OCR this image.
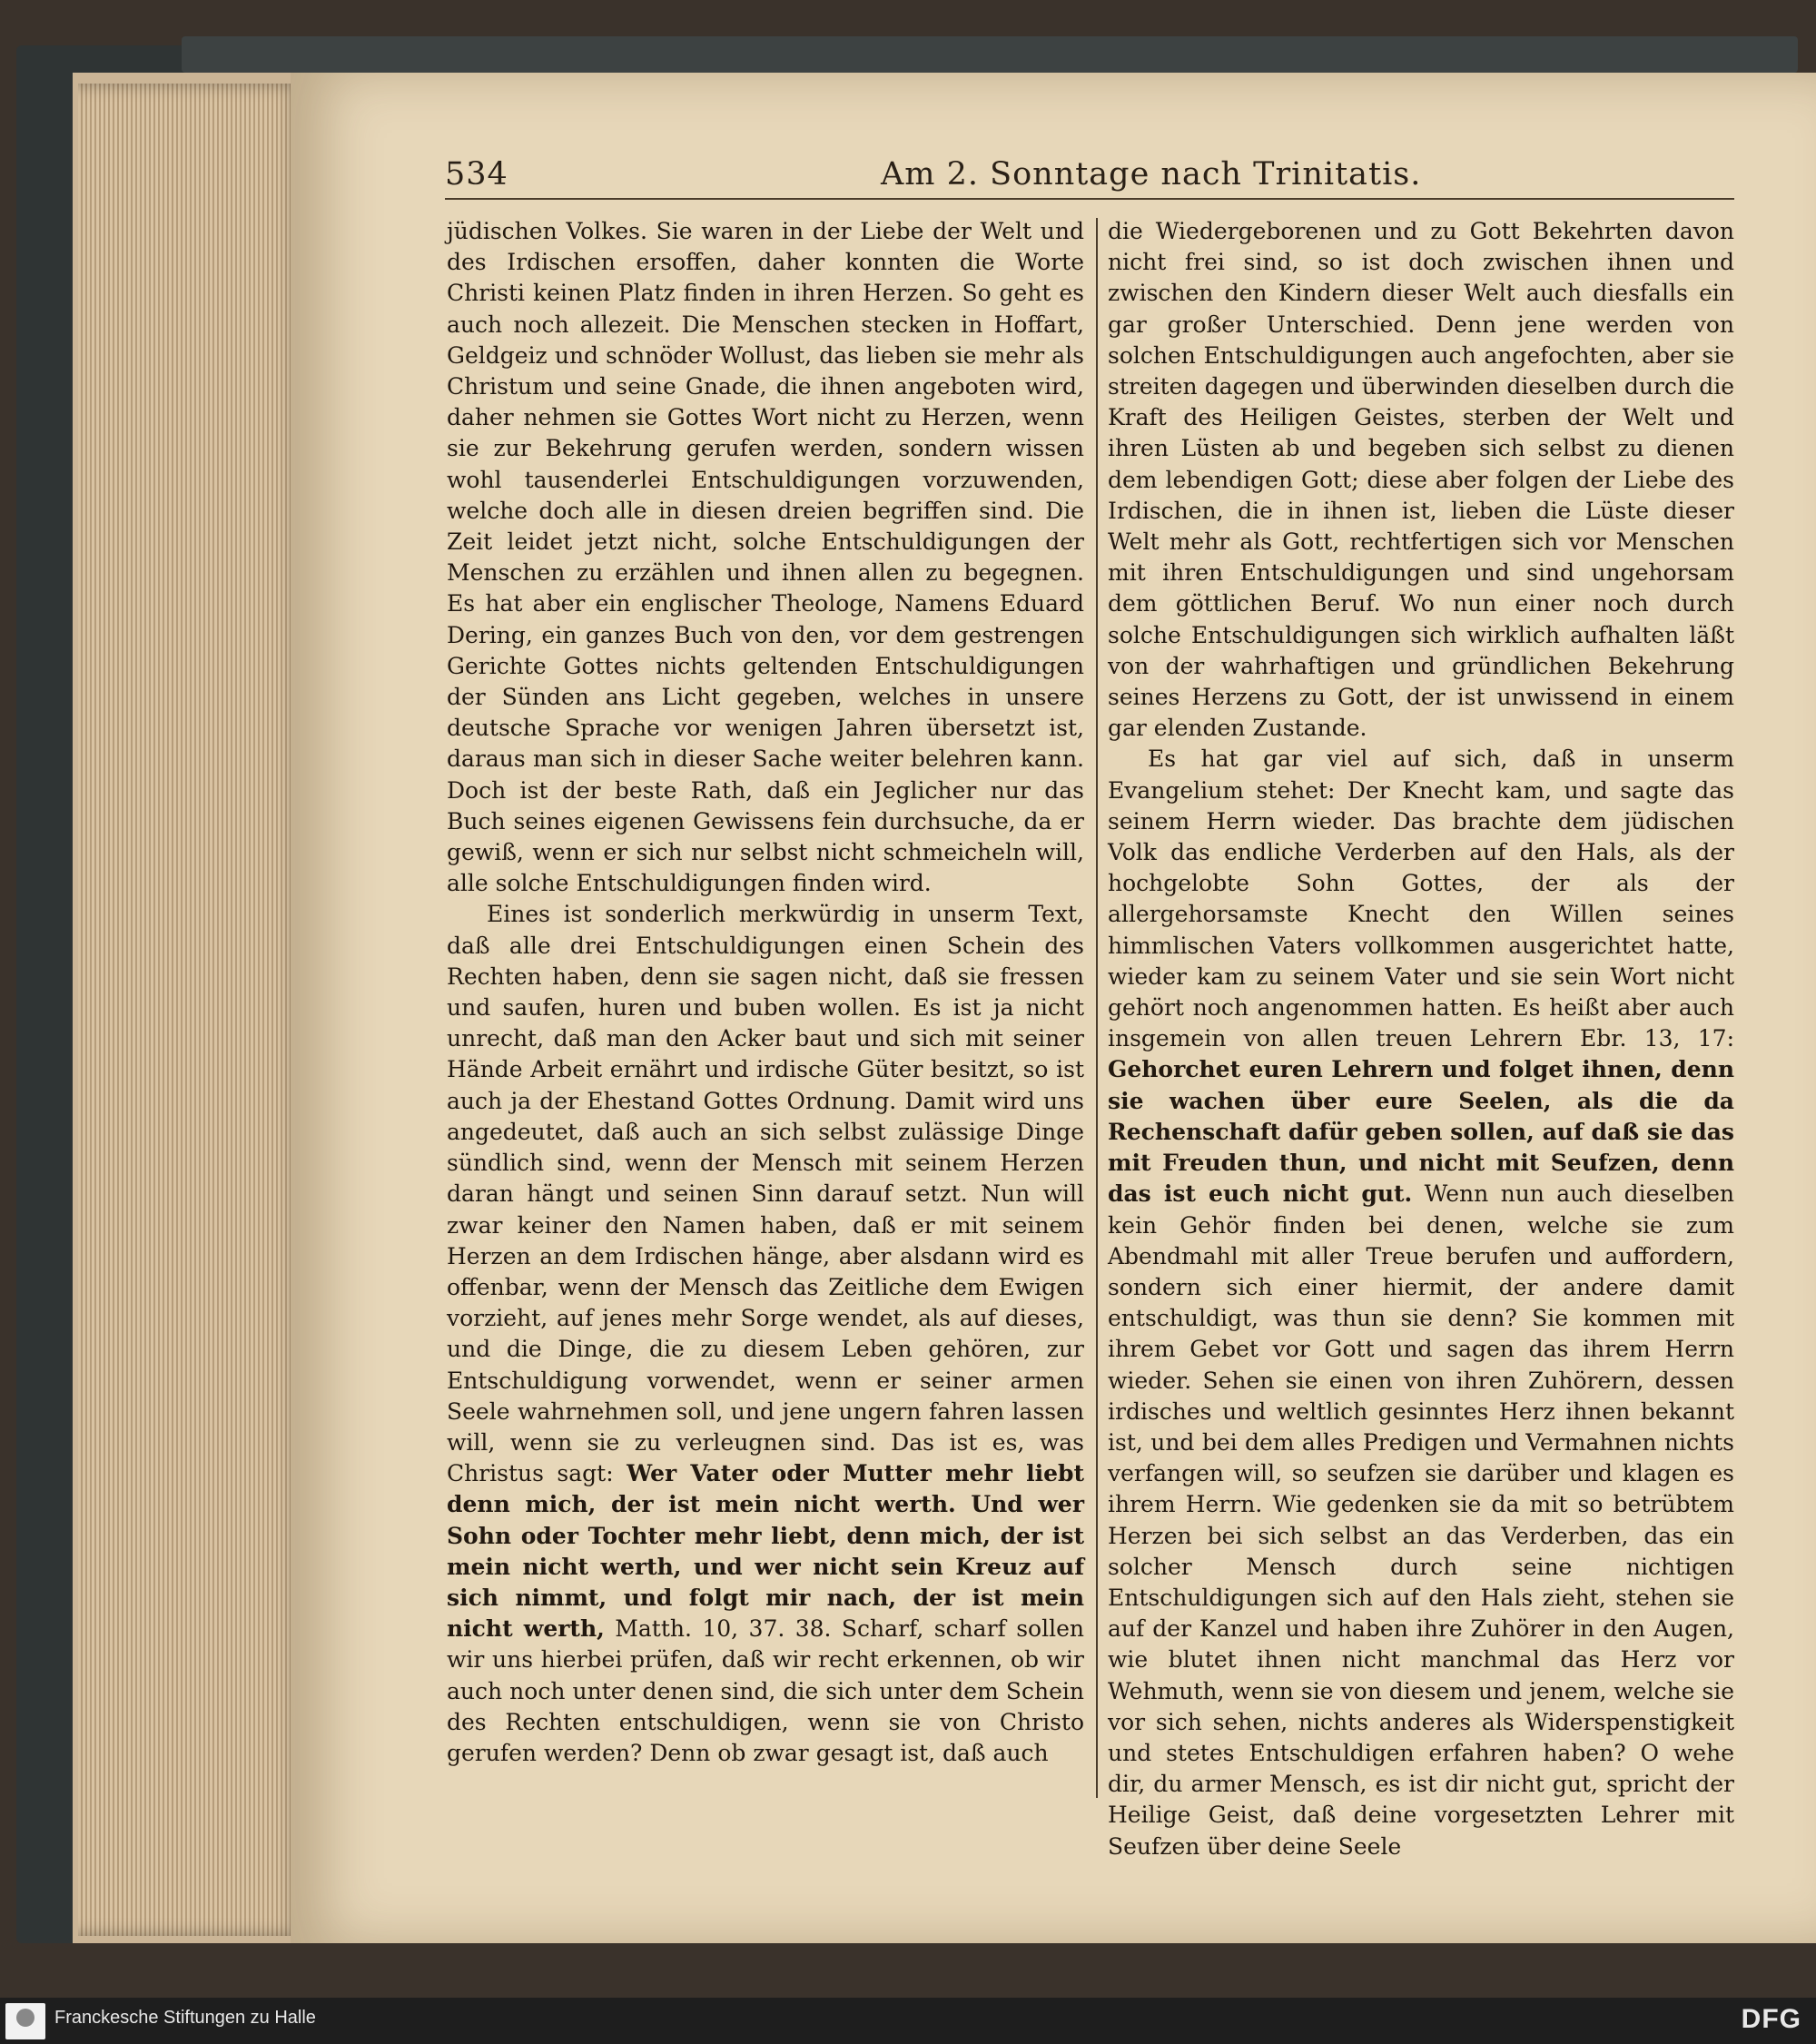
534	Am 2. Sonntage nach Trinitatis.

jüdischen Volkes. Sie waren in der Liebe der Welt und des Irdischen ersoffen, daher konnten die Worte Christi keinen Platz finden in ihren Herzen. So geht es auch noch allezeit. Die Menschen stecken in Hoffart, Geldgeiz und schnöder Wollust, das lieben sie mehr als Christum und seine Gnade, die ihnen angeboten wird, daher nehmen sie Gottes Wort nicht zu Herzen, wenn sie zur Bekehrung gerufen werden, sondern wissen wohl tausenderlei Entschuldigungen vorzuwenden, welche doch alle in diesen dreien begriffen sind. Die Zeit leidet jetzt nicht, solche Entschuldigungen der Menschen zu erzählen und ihnen allen zu begegnen. Es hat aber ein englischer Theologe, Namens Eduard Dering, ein ganzes Buch von den, vor dem gestrengen Gerichte Gottes nichts geltenden Entschuldigungen der Sünden ans Licht gegeben, welches in unsere deutsche Sprache vor wenigen Jahren übersetzt ist, daraus man sich in dieser Sache weiter belehren kann. Doch ist der beste Rath, daß ein Jeglicher nur das Buch seines eigenen Gewissens fein durchsuche, da er gewiß, wenn er sich nur selbst nicht schmeicheln will, alle solche Entschuldigungen finden wird.

Eines ist sonderlich merkwürdig in unserm Text, daß alle drei Entschuldigungen einen Schein des Rechten haben, denn sie sagen nicht, daß sie fressen und saufen, huren und buben wollen. Es ist ja nicht unrecht, daß man den Acker baut und sich mit seiner Hände Arbeit ernährt und irdische Güter besitzt, so ist auch ja der Ehestand Gottes Ordnung. Damit wird uns angedeutet, daß auch an sich selbst zulässige Dinge sündlich sind, wenn der Mensch mit seinem Herzen daran hängt und seinen Sinn darauf setzt. Nun will zwar keiner den Namen haben, daß er mit seinem Herzen an dem Irdischen hänge, aber alsdann wird es offenbar, wenn der Mensch das Zeitliche dem Ewigen vorzieht, auf jenes mehr Sorge wendet, als auf dieses, und die Dinge, die zu diesem Leben gehören, zur Entschuldigung vorwendet, wenn er seiner armen Seele wahrnehmen soll, und jene ungern fahren lassen will, wenn sie zu verleugnen sind. Das ist es, was Christus sagt: Wer Vater oder Mutter mehr liebt denn mich, der ist mein nicht werth. Und wer Sohn oder Tochter mehr liebt, denn mich, der ist mein nicht werth, und wer nicht sein Kreuz auf sich nimmt, und folgt mir nach, der ist mein nicht werth, Matth. 10, 37. 38. Scharf, scharf sollen wir uns hierbei prüfen, daß wir recht erkennen, ob wir auch noch unter denen sind, die sich unter dem Schein des Rechten entschuldigen, wenn sie von Christo gerufen werden? Denn ob zwar gesagt ist, daß auch

die Wiedergeborenen und zu Gott Bekehrten davon nicht frei sind, so ist doch zwischen ihnen und zwischen den Kindern dieser Welt auch diesfalls ein gar großer Unterschied. Denn jene werden von solchen Entschuldigungen auch angefochten, aber sie streiten dagegen und überwinden dieselben durch die Kraft des Heiligen Geistes, sterben der Welt und ihren Lüsten ab und begeben sich selbst zu dienen dem lebendigen Gott; diese aber folgen der Liebe des Irdischen, die in ihnen ist, lieben die Lüste dieser Welt mehr als Gott, rechtfertigen sich vor Menschen mit ihren Entschuldigungen und sind ungehorsam dem göttlichen Beruf. Wo nun einer noch durch solche Entschuldigungen sich wirklich aufhalten läßt von der wahrhaftigen und gründlichen Bekehrung seines Herzens zu Gott, der ist unwissend in einem gar elenden Zustande.

Es hat gar viel auf sich, daß in unserm Evangelium stehet: Der Knecht kam, und sagte das seinem Herrn wieder. Das brachte dem jüdischen Volk das endliche Verderben auf den Hals, als der hochgelobte Sohn Gottes, der als der allergehorsamste Knecht den Willen seines himmlischen Vaters vollkommen ausgerichtet hatte, wieder kam zu seinem Vater und sie sein Wort nicht gehört noch angenommen hatten. Es heißt aber auch insgemein von allen treuen Lehrern Ebr. 13, 17: Gehorchet euren Lehrern und folget ihnen, denn sie wachen über eure Seelen, als die da Rechenschaft dafür geben sollen, auf daß sie das mit Freuden thun, und nicht mit Seufzen, denn das ist euch nicht gut. Wenn nun auch dieselben kein Gehör finden bei denen, welche sie zum Abendmahl mit aller Treue berufen und auffordern, sondern sich einer hiermit, der andere damit entschuldigt, was thun sie denn? Sie kommen mit ihrem Gebet vor Gott und sagen das ihrem Herrn wieder. Sehen sie einen von ihren Zuhörern, dessen irdisches und weltlich gesinntes Herz ihnen bekannt ist, und bei dem alles Predigen und Vermahnen nichts verfangen will, so seufzen sie darüber und klagen es ihrem Herrn. Wie gedenken sie da mit so betrübtem Herzen bei sich selbst an das Verderben, das ein solcher Mensch durch seine nichtigen Entschuldigungen sich auf den Hals zieht, stehen sie auf der Kanzel und haben ihre Zuhörer in den Augen, wie blutet ihnen nicht manchmal das Herz vor Wehmuth, wenn sie von diesem und jenem, welche sie vor sich sehen, nichts anderes als Widerspenstigkeit und stetes Entschuldigen erfahren haben? O wehe dir, du armer Mensch, es ist dir nicht gut, spricht der Heilige Geist, daß deine vorgesetzten Lehrer mit Seufzen über deine Seele

Franckesche Stiftungen zu Halle	DFG
